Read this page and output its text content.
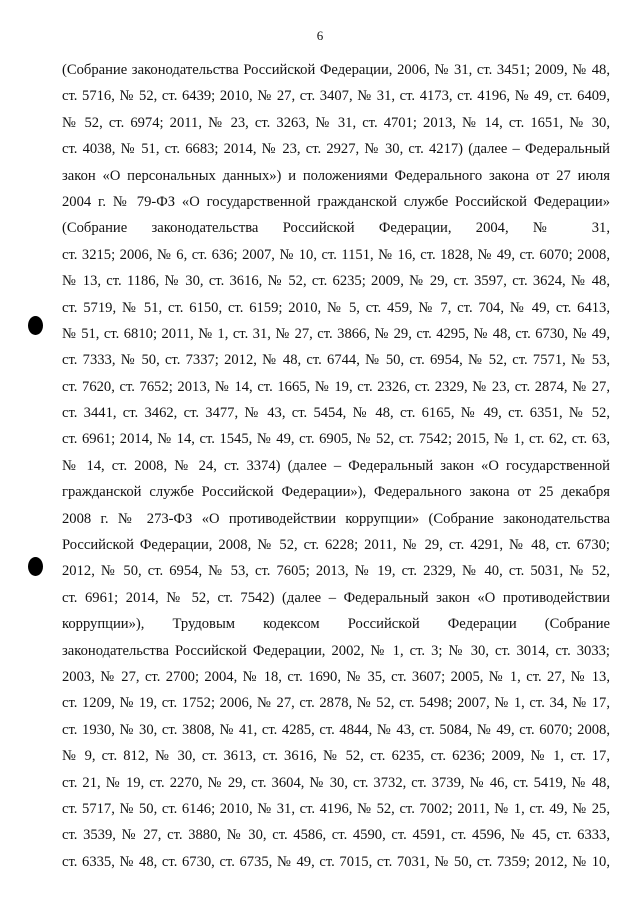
6
(Собрание законодательства Российской Федерации, 2006, № 31, ст. 3451; 2009, № 48,
ст. 5716, № 52, ст. 6439; 2010, № 27, ст. 3407, № 31, ст. 4173, ст. 4196, № 49, ст. 6409,
№ 52, ст. 6974; 2011, № 23, ст. 3263, № 31, ст. 4701; 2013, № 14, ст. 1651, № 30,
ст. 4038, № 51, ст. 6683; 2014, № 23, ст. 2927, № 30, ст. 4217) (далее – Федеральный
закон «О персональных данных») и положениями Федерального закона от 27 июля
2004 г. № 79-ФЗ «О государственной гражданской службе Российской Федерации»
(Собрание законодательства Российской Федерации, 2004, № 31,
ст. 3215; 2006, № 6, ст. 636; 2007, № 10, ст. 1151, № 16, ст. 1828, № 49, ст. 6070; 2008,
№ 13, ст. 1186, № 30, ст. 3616, № 52, ст. 6235; 2009, № 29, ст. 3597, ст. 3624, № 48,
ст. 5719, № 51, ст. 6150, ст. 6159; 2010, № 5, ст. 459, № 7, ст. 704, № 49, ст. 6413,
№ 51, ст. 6810; 2011, № 1, ст. 31, № 27, ст. 3866, № 29, ст. 4295, № 48, ст. 6730, № 49,
ст. 7333, № 50, ст. 7337; 2012, № 48, ст. 6744, № 50, ст. 6954, № 52, ст. 7571, № 53,
ст. 7620, ст. 7652; 2013, № 14, ст. 1665, № 19, ст. 2326, ст. 2329, № 23, ст. 2874, № 27,
ст. 3441, ст. 3462, ст. 3477, № 43, ст. 5454, № 48, ст. 6165, № 49, ст. 6351, № 52,
ст. 6961; 2014, № 14, ст. 1545, № 49, ст. 6905, № 52, ст. 7542; 2015, № 1, ст. 62, ст. 63,
№ 14, ст. 2008, № 24, ст. 3374) (далее – Федеральный закон «О государственной
гражданской службе Российской Федерации»), Федерального закона от 25 декабря
2008 г. № 273-ФЗ «О противодействии коррупции» (Собрание законодательства
Российской Федерации, 2008, № 52, ст. 6228; 2011, № 29, ст. 4291, № 48, ст. 6730;
2012, № 50, ст. 6954, № 53, ст. 7605; 2013, № 19, ст. 2329, № 40, ст. 5031, № 52,
ст. 6961; 2014, № 52, ст. 7542) (далее – Федеральный закон «О противодействии
коррупции»), Трудовым кодексом Российской Федерации (Собрание
законодательства Российской Федерации, 2002, № 1, ст. 3; № 30, ст. 3014, ст. 3033;
2003, № 27, ст. 2700; 2004, № 18, ст. 1690, № 35, ст. 3607; 2005, № 1, ст. 27, № 13,
ст. 1209, № 19, ст. 1752; 2006, № 27, ст. 2878, № 52, ст. 5498; 2007, № 1, ст. 34, № 17,
ст. 1930, № 30, ст. 3808, № 41, ст. 4285, ст. 4844, № 43, ст. 5084, № 49, ст. 6070; 2008,
№ 9, ст. 812, № 30, ст. 3613, ст. 3616, № 52, ст. 6235, ст. 6236; 2009, № 1, ст. 17,
ст. 21, № 19, ст. 2270, № 29, ст. 3604, № 30, ст. 3732, ст. 3739, № 46, ст. 5419, № 48,
ст. 5717, № 50, ст. 6146; 2010, № 31, ст. 4196, № 52, ст. 7002; 2011, № 1, ст. 49, № 25,
ст. 3539, № 27, ст. 3880, № 30, ст. 4586, ст. 4590, ст. 4591, ст. 4596, № 45, ст. 6333,
ст. 6335, № 48, ст. 6730, ст. 6735, № 49, ст. 7015, ст. 7031, № 50, ст. 7359; 2012, № 10,
